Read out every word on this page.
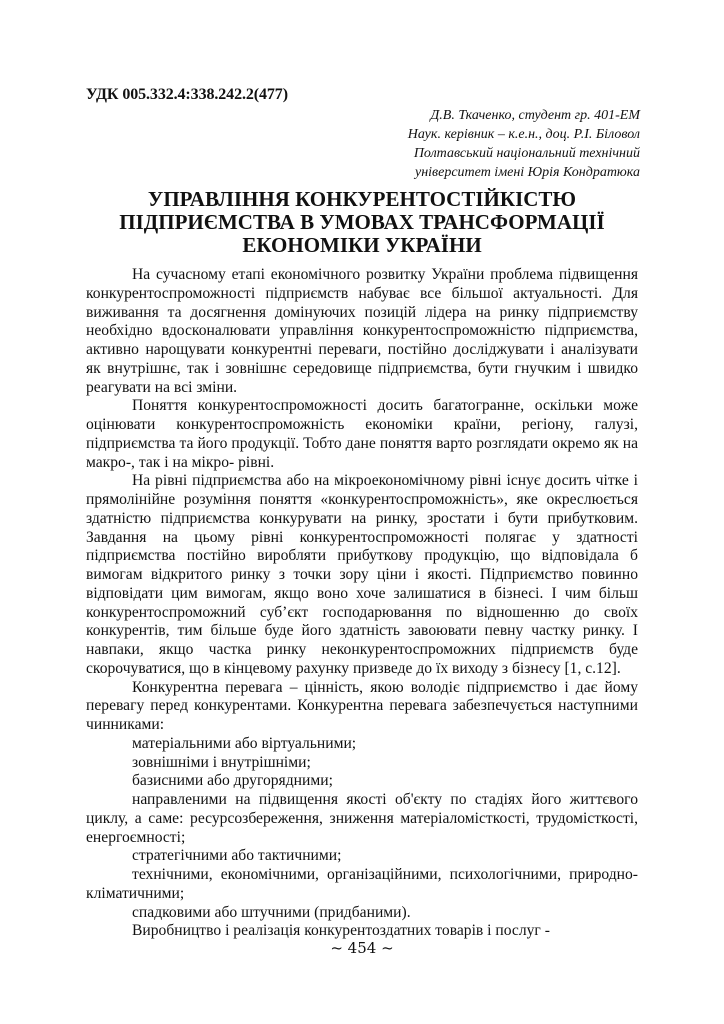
УДК 005.332.4:338.242.2(477)
Д.В. Ткаченко, студент гр. 401-ЕМ
Наук. керівник – к.е.н., доц. Р.І. Біловол
Полтавський національний технічний
університет імені Юрія Кондратюка
УПРАВЛІННЯ КОНКУРЕНТОСТІЙКІСТЮ
ПІДПРИЄМСТВА В УМОВАХ ТРАНСФОРМАЦІЇ
ЕКОНОМІКИ УКРАЇНИ

На сучасному етапі економічного розвитку України проблема підвищення конкурентоспроможності підприємств набуває все більшої актуальності. Для виживання та досягнення домінуючих позицій лідера на ринку підприємству необхідно вдосконалювати управління конкурентоспроможністю підприємства, активно нарощувати конкурентні переваги, постійно досліджувати і аналізувати як внутрішнє, так і зовнішнє середовище підприємства, бути гнучким і швидко реагувати на всі зміни.

Поняття конкурентоспроможності досить багатогранне, оскільки може оцінювати конкурентоспроможність економіки країни, регіону, галузі, підприємства та його продукції. Тобто дане поняття варто розглядати окремо як на макро-, так і на мікро- рівні.

На рівні підприємства або на мікроекономічному рівні існує досить чітке і прямолінійне розуміння поняття «конкурентоспроможність», яке окреслюється здатністю підприємства конкурувати на ринку, зростати і бути прибутковим. Завдання на цьому рівні конкурентоспроможності полягає у здатності підприємства постійно виробляти прибуткову продукцію, що відповідала б вимогам відкритого ринку з точки зору ціни і якості. Підприємство повинно відповідати цим вимогам, якщо воно хоче залишатися в бізнесі. І чим більш конкурентоспроможний суб’єкт господарювання по відношенню до своїх конкурентів, тим більше буде його здатність завоювати певну частку ринку. І навпаки, якщо частка ринку неконкурентоспроможних підприємств буде скорочуватися, що в кінцевому рахунку призведе до їх виходу з бізнесу [1, с.12].

Конкурентна перевага – цінність, якою володіє підприємство і дає йому перевагу перед конкурентами. Конкурентна перевага забезпечується наступними чинниками:

матеріальними або віртуальними;

зовнішніми і внутрішніми;

базисними або другорядними;

направленими на підвищення якості об'єкту по стадіях його життєвого циклу, а саме: ресурсозбереження, зниження матеріаломісткості, трудомісткості, енергоємності;

стратегічними або тактичними;

технічними, економічними, організаційними, психологічними, природно-кліматичними;

спадковими або штучними (придбаними).

Виробництво і реалізація конкурентоздатних товарів і послуг -

~ 454 ~
